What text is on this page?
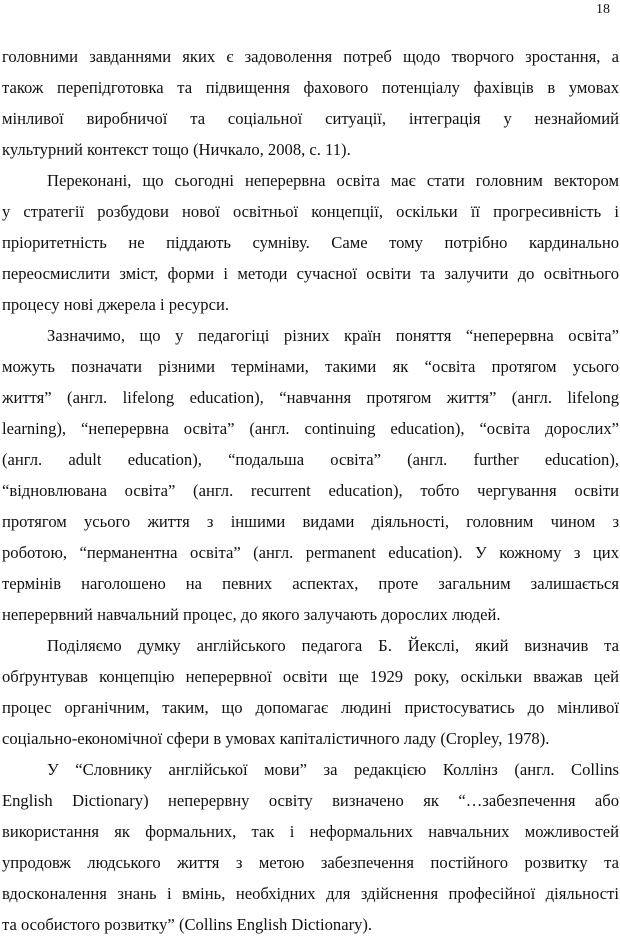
18
головними завданнями яких є задоволення потреб щодо творчого зростання, а
також перепідготовка та підвищення фахового потенціалу фахівців в умовах
мінливої виробничої та соціальної ситуації, інтеграція у незнайомий
культурний контекст тощо (Ничкало, 2008, с. 11).
Переконані, що сьогодні неперервна освіта має стати головним вектором
у стратегії розбудови нової освітньої концепції, оскільки її прогресивність і
пріоритетність не піддають сумніву. Саме тому потрібно кардинально
переосмислити зміст, форми і методи сучасної освіти та залучити до освітнього
процесу нові джерела і ресурси.
Зазначимо, що у педагогіці різних країн поняття “неперервна освіта”
можуть позначати різними термінами, такими як “освіта протягом усього
життя” (англ. lifelong education), “навчання протягом життя” (англ. lifelong
learning), “неперервна освіта” (англ. continuing education), “освіта дорослих”
(англ. adult education), “подальша освіта” (англ. further education),
“відновлювана освіта” (англ. recurrent education), тобто чергування освіти
протягом усього життя з іншими видами діяльності, головним чином з
роботою, “перманентна освіта” (англ. permanent education). У кожному з цих
термінів наголошено на певних аспектах, проте загальним залишається
неперервний навчальний процес, до якого залучають дорослих людей.
Поділяємо думку англійського педагога Б. Йекслі, який визначив та
обґрунтував концепцію неперервної освіти ще 1929 року, оскільки вважав цей
процес органічним, таким, що допомагає людині пристосуватись до мінливої
соціально-економічної сфери в умовах капіталістичного ладу (Cropley, 1978).
У “Словнику англійської мови” за редакцією Коллінз (англ. Collins
English Dictionary) неперервну освіту визначено як “…забезпечення або
використання як формальних, так і неформальних навчальних можливостей
упродовж людського життя з метою забезпечення постійного розвитку та
вдосконалення знань і вмінь, необхідних для здійснення професійної діяльності
та особистого розвитку” (Collins English Dictionary).
